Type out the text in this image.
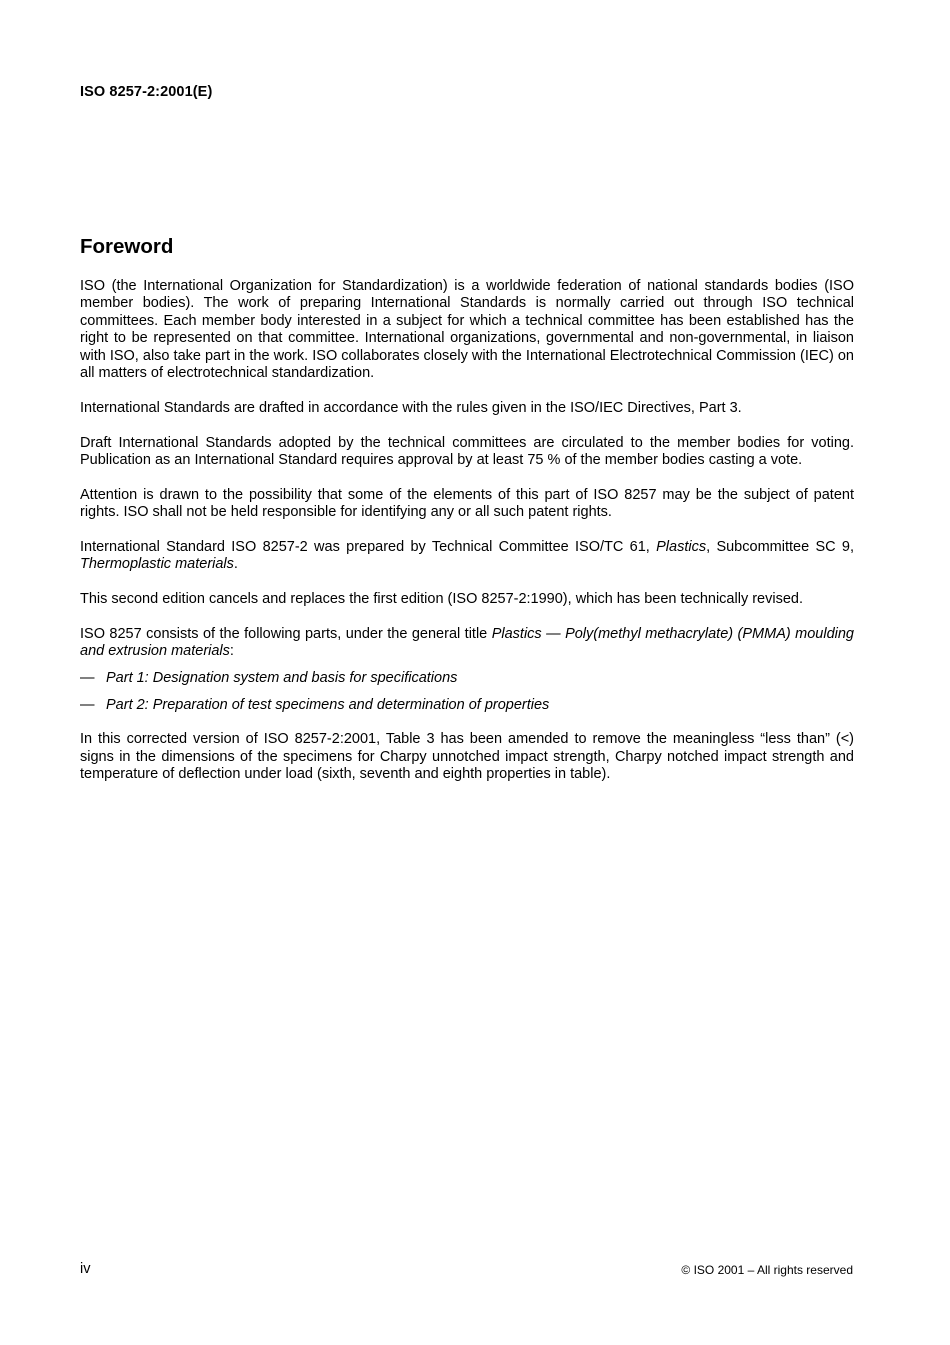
ISO 8257-2:2001(E)
Foreword

ISO (the International Organization for Standardization) is a worldwide federation of national standards bodies (ISO member bodies). The work of preparing International Standards is normally carried out through ISO technical committees. Each member body interested in a subject for which a technical committee has been established has the right to be represented on that committee. International organizations, governmental and non-governmental, in liaison with ISO, also take part in the work. ISO collaborates closely with the International Electrotechnical Commission (IEC) on all matters of electrotechnical standardization.

International Standards are drafted in accordance with the rules given in the ISO/IEC Directives, Part 3.

Draft International Standards adopted by the technical committees are circulated to the member bodies for voting. Publication as an International Standard requires approval by at least 75 % of the member bodies casting a vote.

Attention is drawn to the possibility that some of the elements of this part of ISO 8257 may be the subject of patent rights. ISO shall not be held responsible for identifying any or all such patent rights.

International Standard ISO 8257-2 was prepared by Technical Committee ISO/TC 61, Plastics, Subcommittee SC 9, Thermoplastic materials.

This second edition cancels and replaces the first edition (ISO 8257-2:1990), which has been technically revised.

ISO 8257 consists of the following parts, under the general title Plastics — Poly(methyl methacrylate) (PMMA) moulding and extrusion materials:

— Part 1: Designation system and basis for specifications
— Part 2: Preparation of test specimens and determination of properties

In this corrected version of ISO 8257-2:2001, Table 3 has been amended to remove the meaningless “less than” (<) signs in the dimensions of the specimens for Charpy unnotched impact strength, Charpy notched impact strength and temperature of deflection under load (sixth, seventh and eighth properties in table).

iv	© ISO 2001 – All rights reserved
